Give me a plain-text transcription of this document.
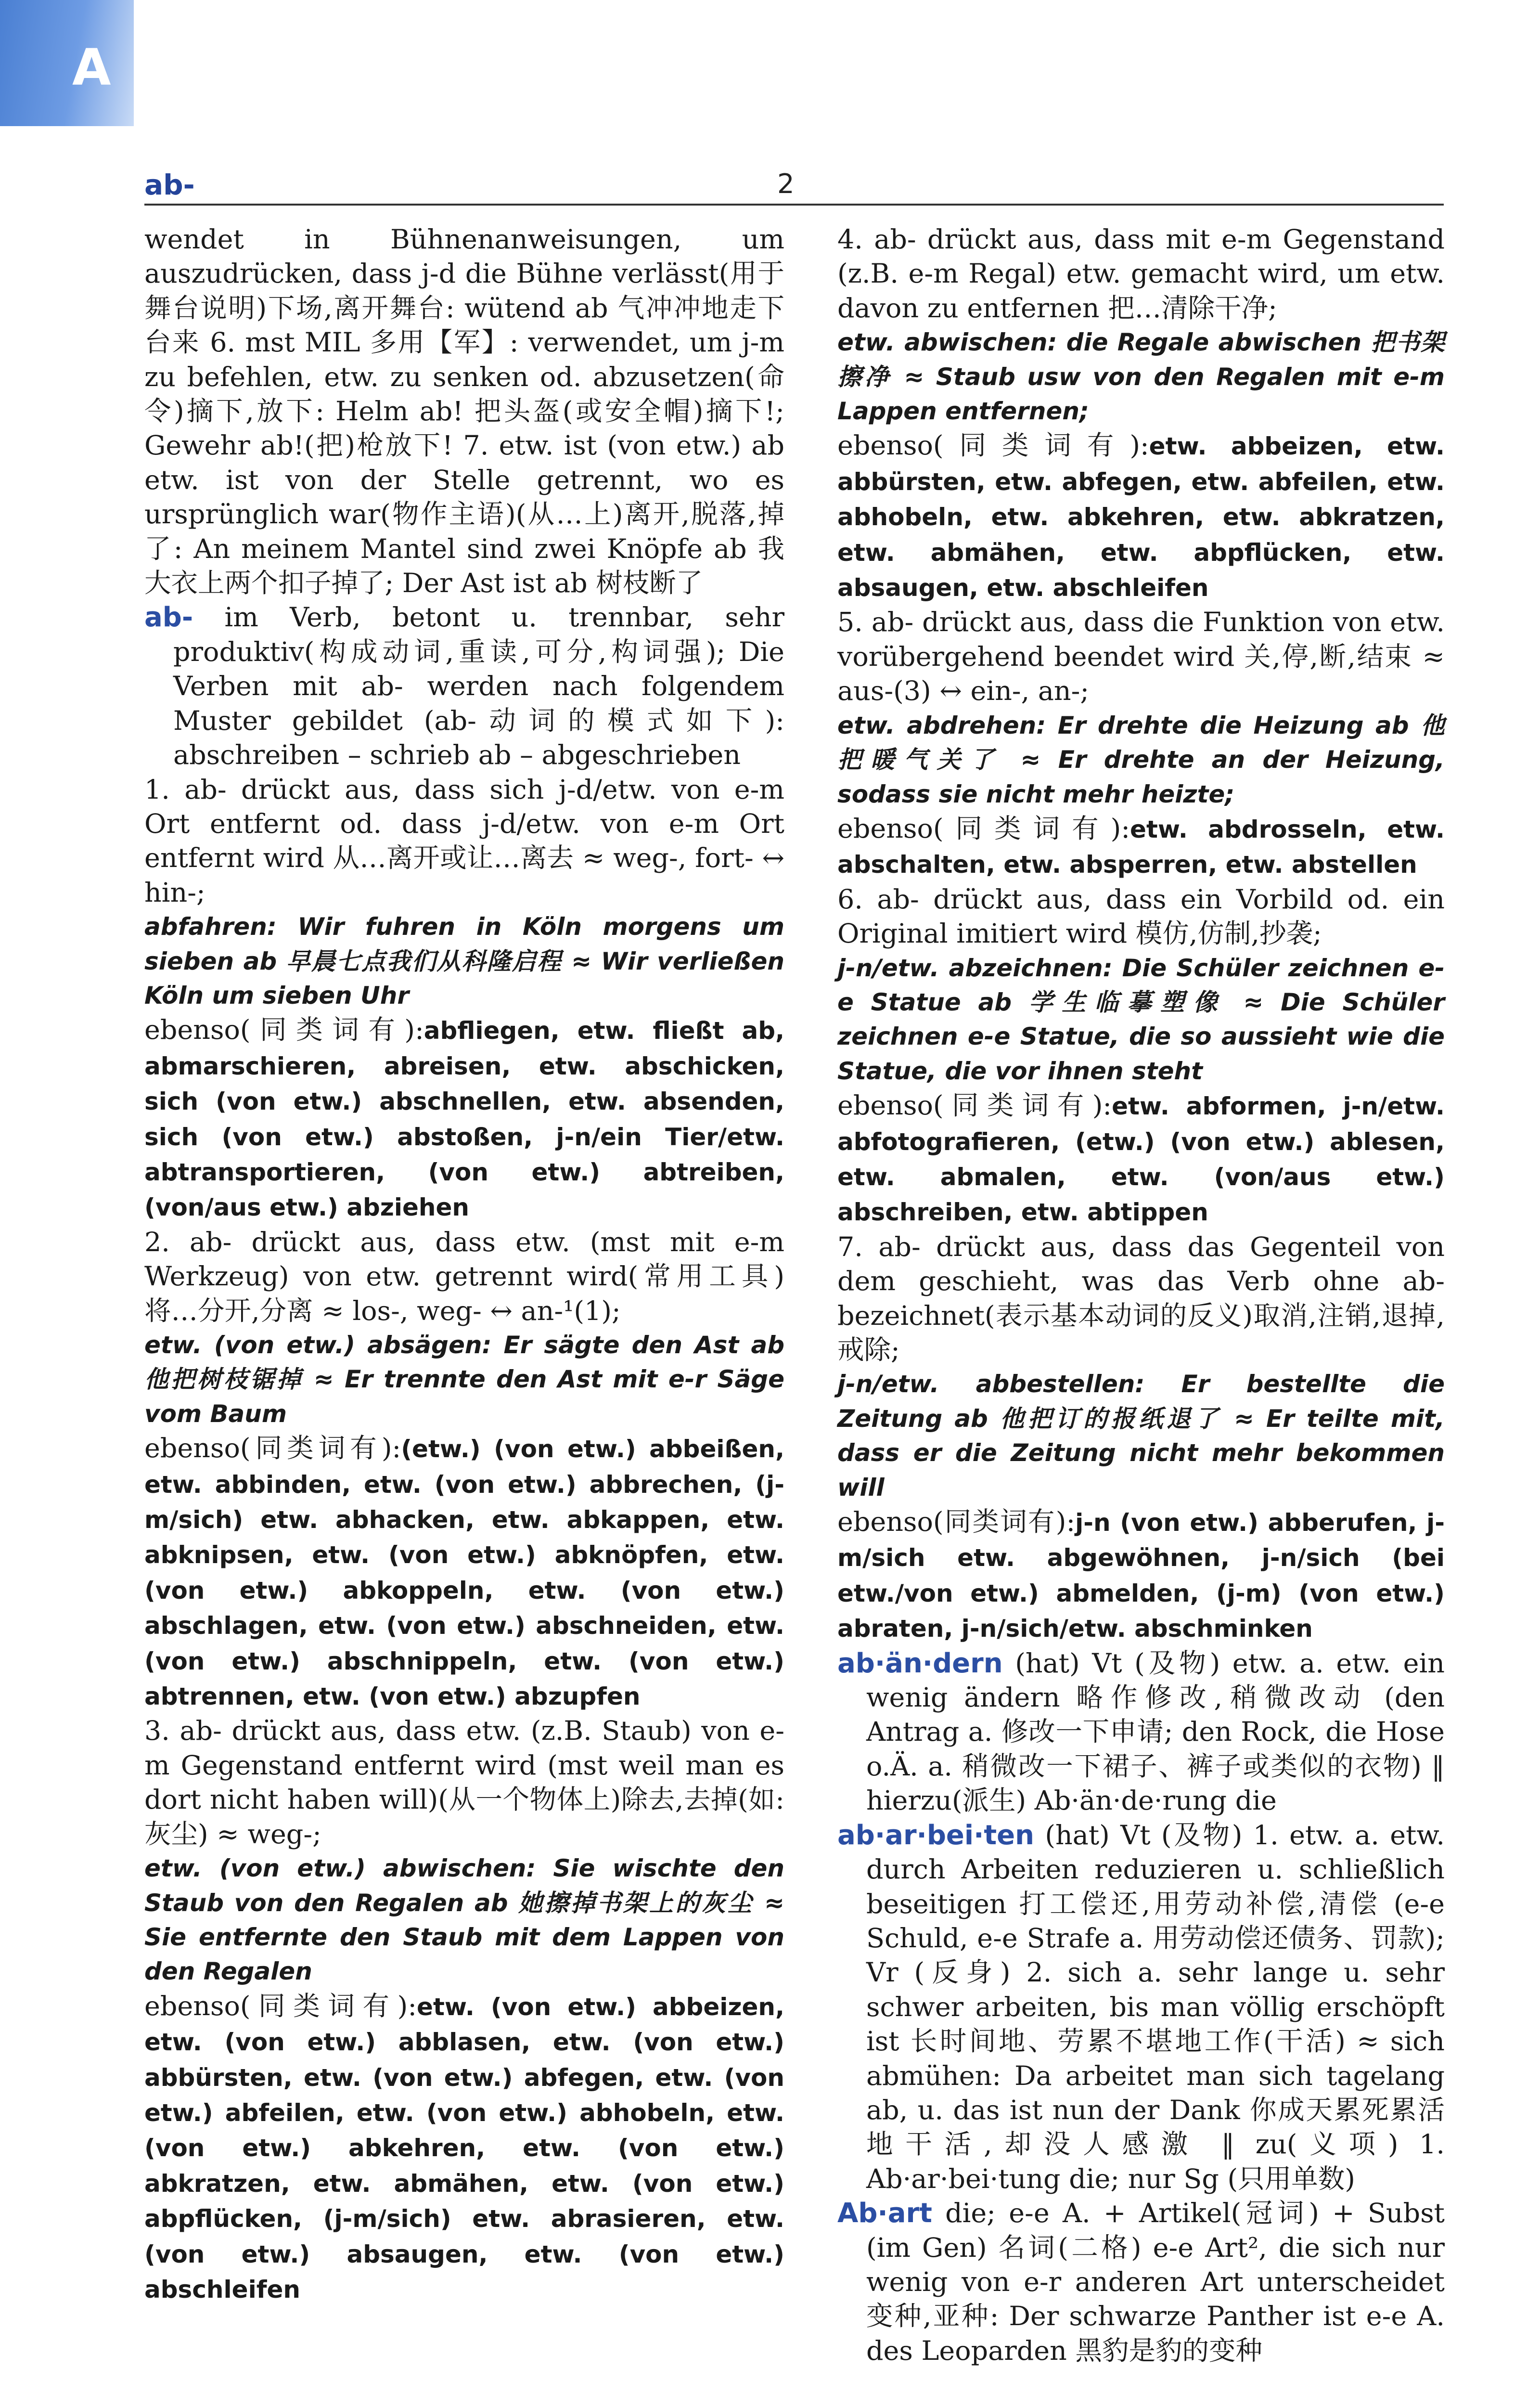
A
ab-	2

wendet in Bühnenanweisungen, um auszudrücken, dass j-d die Bühne verlässt(用于舞台说明)下场,离开舞台: wütend ab 气冲冲地走下台来 6. mst MIL 多用【军】: verwendet, um j-m zu befehlen, etw. zu senken od. abzusetzen(命令)摘下,放下: Helm ab! 把头盔(或安全帽)摘下!; Gewehr ab!(把)枪放下! 7. etw. ist (von etw.) ab etw. ist von der Stelle getrennt, wo es ursprünglich war(物作主语)(从…上)离开,脱落,掉了: An meinem Mantel sind zwei Knöpfe ab 我大衣上两个扣子掉了; Der Ast ist ab 树枝断了

ab- im Verb, betont u. trennbar, sehr produktiv(构成动词,重读,可分,构词强); Die Verben mit ab- werden nach folgendem Muster gebildet (ab-动词的模式如下): abschreiben – schrieb ab – abgeschrieben

1. ab- drückt aus, dass sich j-d/etw. von e-m Ort entfernt od. dass j-d/etw. von e-m Ort entfernt wird 从…离开或让…离去 ≈ weg-, fort- ↔ hin-;

abfahren: Wir fuhren in Köln morgens um sieben ab 早晨七点我们从科隆启程 ≈ Wir verließen Köln um sieben Uhr

ebenso(同类词有):abfliegen, etw. fließt ab, abmarschieren, abreisen, etw. abschicken, sich (von etw.) abschnellen, etw. absenden, sich (von etw.) abstoßen, j-n/ein Tier/etw. abtransportieren, (von etw.) abtreiben, (von/aus etw.) abziehen

2. ab- drückt aus, dass etw. (mst mit e-m Werkzeug) von etw. getrennt wird(常用工具)将…分开,分离 ≈ los-, weg- ↔ an-¹(1);

etw. (von etw.) absägen: Er sägte den Ast ab 他把树枝锯掉 ≈ Er trennte den Ast mit e-r Säge vom Baum

ebenso(同类词有):(etw.) (von etw.) abbeißen, etw. abbinden, etw. (von etw.) abbrechen, (j-m/sich) etw. abhacken, etw. abkappen, etw. abknipsen, etw. (von etw.) abknöpfen, etw. (von etw.) abkoppeln, etw. (von etw.) abschlagen, etw. (von etw.) abschneiden, etw. (von etw.) abschnippeln, etw. (von etw.) abtrennen, etw. (von etw.) abzupfen

3. ab- drückt aus, dass etw. (z.B. Staub) von e-m Gegenstand entfernt wird (mst weil man es dort nicht haben will)(从一个物体上)除去,去掉(如:灰尘) ≈ weg-;

etw. (von etw.) abwischen: Sie wischte den Staub von den Regalen ab 她擦掉书架上的灰尘 ≈ Sie entfernte den Staub mit dem Lappen von den Regalen

ebenso(同类词有):etw. (von etw.) abbeizen, etw. (von etw.) abblasen, etw. (von etw.) abbürsten, etw. (von etw.) abfegen, etw. (von etw.) abfeilen, etw. (von etw.) abhobeln, etw. (von etw.) abkehren, etw. (von etw.) abkratzen, etw. abmähen, etw. (von etw.) abpflücken, (j-m/sich) etw. abrasieren, etw. (von etw.) absaugen, etw. (von etw.) abschleifen

4. ab- drückt aus, dass mit e-m Gegenstand (z.B. e-m Regal) etw. gemacht wird, um etw. davon zu entfernen 把…清除干净;

etw. abwischen: die Regale abwischen 把书架擦净 ≈ Staub usw von den Regalen mit e-m Lappen entfernen;

ebenso(同类词有):etw. abbeizen, etw. abbürsten, etw. abfegen, etw. abfeilen, etw. abhobeln, etw. abkehren, etw. abkratzen, etw. abmähen, etw. abpflücken, etw. absaugen, etw. abschleifen

5. ab- drückt aus, dass die Funktion von etw. vorübergehend beendet wird 关,停,断,结束 ≈ aus-(3) ↔ ein-, an-;

etw. abdrehen: Er drehte die Heizung ab 他把暖气关了 ≈ Er drehte an der Heizung, sodass sie nicht mehr heizte;

ebenso(同类词有):etw. abdrosseln, etw. abschalten, etw. absperren, etw. abstellen

6. ab- drückt aus, dass ein Vorbild od. ein Original imitiert wird 模仿,仿制,抄袭;

j-n/etw. abzeichnen: Die Schüler zeichnen e-e Statue ab 学生临摹塑像 ≈ Die Schüler zeichnen e-e Statue, die so aussieht wie die Statue, die vor ihnen steht

ebenso(同类词有):etw. abformen, j-n/etw. abfotografieren, (etw.) (von etw.) ablesen, etw. abmalen, etw. (von/aus etw.) abschreiben, etw. abtippen

7. ab- drückt aus, dass das Gegenteil von dem geschieht, was das Verb ohne ab- bezeichnet(表示基本动词的反义)取消,注销,退掉,戒除;

j-n/etw. abbestellen: Er bestellte die Zeitung ab 他把订的报纸退了 ≈ Er teilte mit, dass er die Zeitung nicht mehr bekommen will

ebenso(同类词有):j-n (von etw.) abberufen, j-m/sich etw. abgewöhnen, j-n/sich (bei etw./von etw.) abmelden, (j-m) (von etw.) abraten, j-n/sich/etw. abschminken

ab·än·dern (hat) Vt (及物) etw. a. etw. ein wenig ändern 略作修改,稍微改动 (den Antrag a. 修改一下申请; den Rock, die Hose o.Ä. a. 稍微改一下裙子、裤子或类似的衣物) ‖ hierzu(派生) Ab·än·de·rung die

ab·ar·bei·ten (hat) Vt (及物) 1. etw. a. etw. durch Arbeiten reduzieren u. schließlich beseitigen 打工偿还,用劳动补偿,清偿 (e-e Schuld, e-e Strafe a. 用劳动偿还债务、罚款); Vr (反身) 2. sich a. sehr lange u. sehr schwer arbeiten, bis man völlig erschöpft ist 长时间地、劳累不堪地工作(干活) ≈ sich abmühen: Da arbeitet man sich tagelang ab, u. das ist nun der Dank 你成天累死累活地干活,却没人感激 ‖ zu(义项) 1. Ab·ar·bei·tung die; nur Sg (只用单数)

Ab·art die; e-e A. + Artikel(冠词) + Subst (im Gen) 名词(二格) e-e Art², die sich nur wenig von e-r anderen Art unterscheidet 变种,亚种: Der schwarze Panther ist e-e A. des Leoparden 黑豹是豹的变种
